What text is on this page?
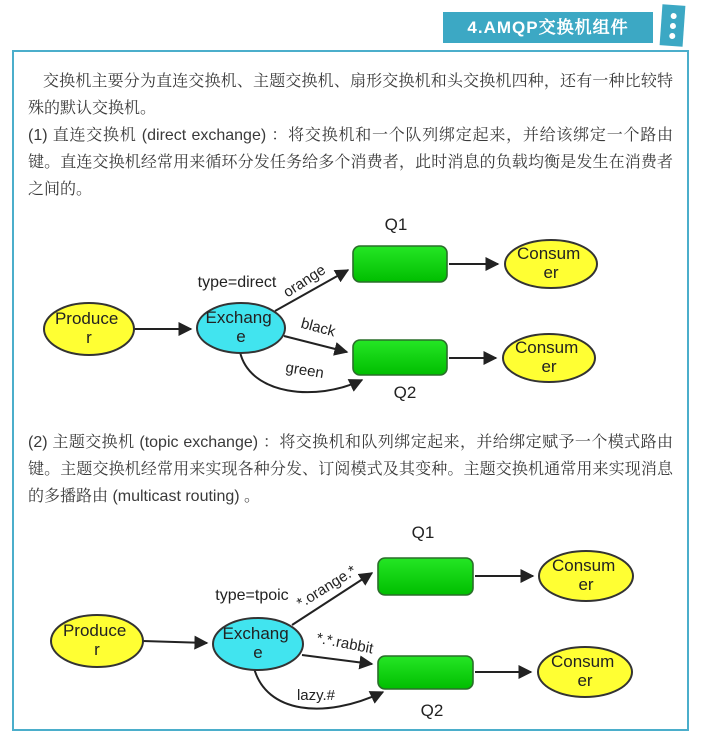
4.AMQP交换机组件

交换机主要分为直连交换机、主题交换机、扇形交换机和头交换机四种，还有一种比较特殊的默认交换机。

(1) 直连交换机 (direct exchange) ：将交换机和一个队列绑定起来，并给该绑定一个路由键。直连交换机经常用来循环分发任务给多个消费者，此时消息的负载均衡是发生在消费者之间的。

Produce r
Exchang e
Consum er
Consum er
Q1
Q2
type=direct orange
black
green

(2) 主题交换机 (topic exchange) ：将交换机和队列绑定起来，并给绑定赋予一个模式路由键。主题交换机经常用来实现各种分发、订阅模式及其变种。主题交换机通常用来实现消息的多播路由 (multicast routing) 。

Produce r
Exchang e
Consum er
Consum er
Q1
Q2
type=tpoic *.orange.*
*.*.rabbit
lazy.#
